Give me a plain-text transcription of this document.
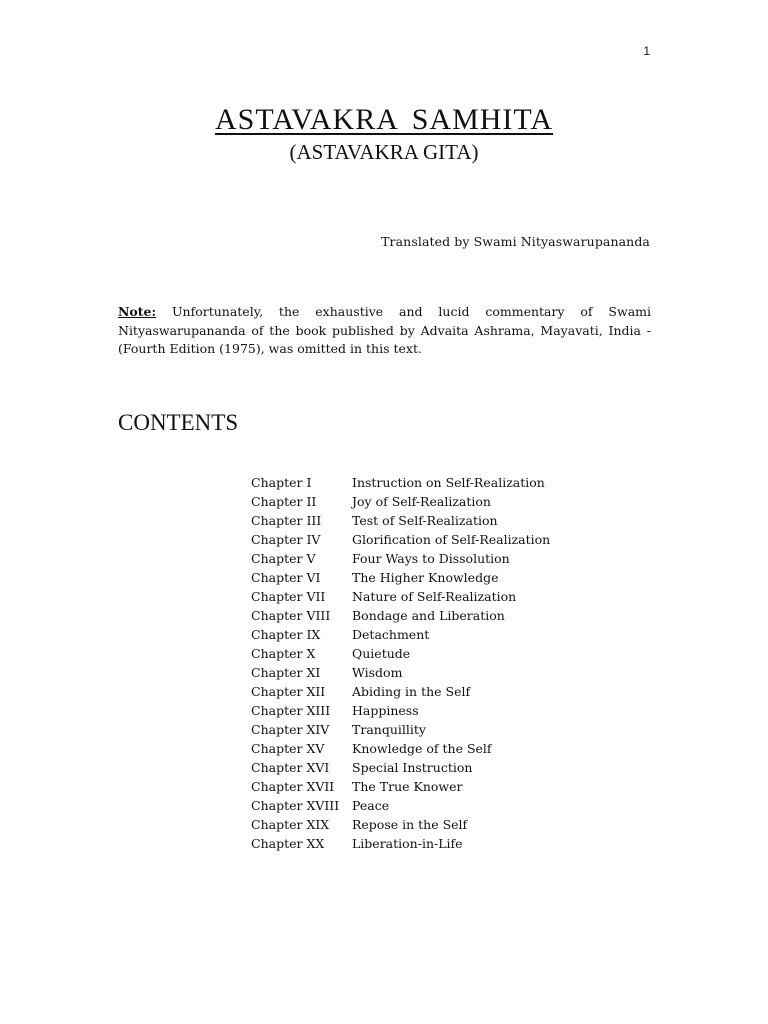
1
ASTAVAKRA SAMHITA
(ASTAVAKRA GITA)
Translated by Swami Nityaswarupananda
Note: Unfortunately, the exhaustive and lucid commentary of Swami Nityaswarupananda of the book published by Advaita Ashrama, Mayavati, India - (Fourth Edition (1975), was omitted in this text.
CONTENTS
Chapter I	Instruction on Self-Realization
Chapter II	Joy of Self-Realization
Chapter III	Test of Self-Realization
Chapter IV	Glorification of Self-Realization
Chapter V	Four Ways to Dissolution
Chapter VI	The Higher Knowledge
Chapter VII	Nature of Self-Realization
Chapter VIII	Bondage and Liberation
Chapter IX	Detachment
Chapter X	Quietude
Chapter XI	Wisdom
Chapter XII	Abiding in the Self
Chapter XIII	Happiness
Chapter XIV	Tranquillity
Chapter XV	Knowledge of the Self
Chapter XVI	Special Instruction
Chapter XVII	The True Knower
Chapter XVIII	Peace
Chapter XIX	Repose in the Self
Chapter XX	Liberation-in-Life
